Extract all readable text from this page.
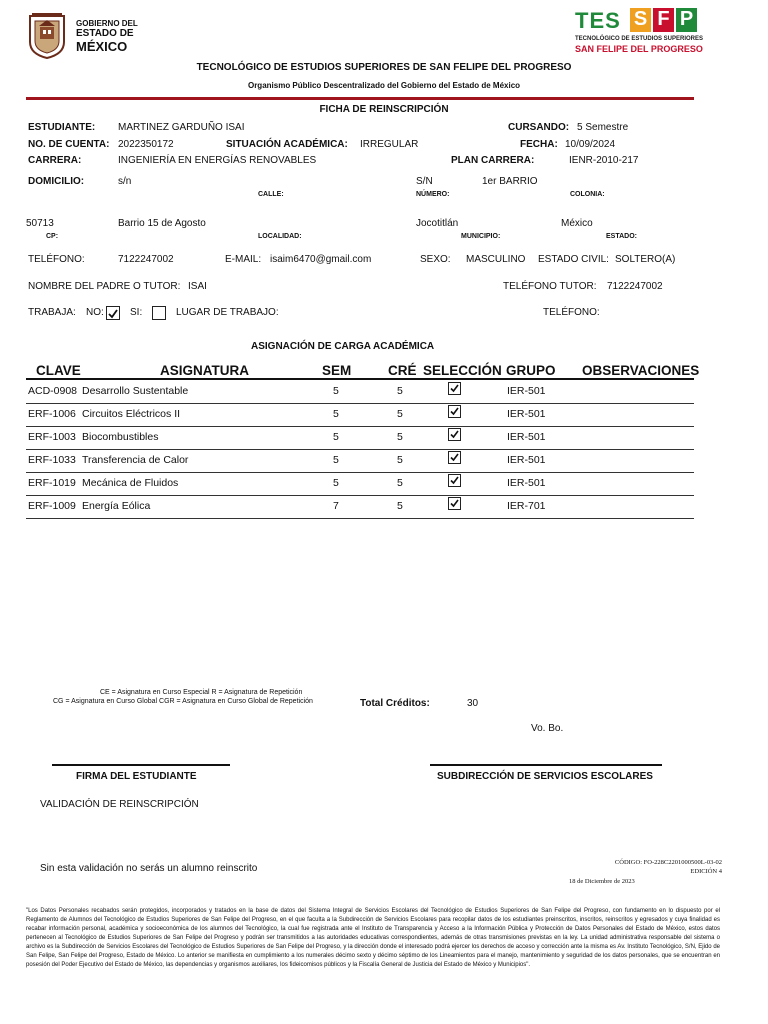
GOBIERNO DEL
ESTADO DE
MÉXICO
TES S F P
TECNOLÓGICO DE ESTUDIOS SUPERIORES
SAN FELIPE DEL PROGRESO
TECNOLÓGICO DE ESTUDIOS SUPERIORES DE SAN FELIPE DEL PROGRESO
Organismo Público Descentralizado del Gobierno del Estado de México
FICHA DE REINSCRIPCIÓN
ESTUDIANTE: MARTINEZ GARDUÑO ISAI	CURSANDO: 5 Semestre
NO. DE CUENTA: 2022350172	SITUACIÓN ACADÉMICA: IRREGULAR	FECHA: 10/09/2024
CARRERA:	INGENIERÍA EN ENERGÍAS RENOVABLES	PLAN CARRERA:	IENR-2010-217
DOMICILIO:	s/n	S/N	1er BARRIO
CALLE:	NÚMERO:	COLONIA:
50713	Barrio 15 de Agosto	Jocotitlán	México
CP:	LOCALIDAD:	MUNICIPIO:	ESTADO:
TELÉFONO:	7122247002	E-MAIL: isaim6470@gmail.com	SEXO: MASCULINO ESTADO CIVIL: SOLTERO(A)
NOMBRE DEL PADRE O TUTOR: ISAI	TELÉFONO TUTOR: 7122247002
TRABAJA: NO:	SI:	LUGAR DE TRABAJO:	TELÉFONO:
ASIGNACIÓN DE CARGA ACADÉMICA
CLAVE	ASIGNATURA	SEM	CRÉ SELECCIÓN GRUPO OBSERVACIONES
ACD-0908 Desarrollo Sustentable	5	5	IER-501
ERF-1006 Circuitos Eléctricos II	5	5	IER-501
ERF-1003 Biocombustibles	5	5	IER-501
ERF-1033 Transferencia de Calor	5	5	IER-501
ERF-1019 Mecánica de Fluidos	5	5	IER-501
ERF-1009 Energía Eólica	7	5	IER-701
CE = Asignatura en Curso Especial R = Asignatura de Repetición
CG = Asignatura en Curso Global CGR = Asignatura en Curso Global de Repetición	Total Créditos:	30
Vo. Bo.
FIRMA DEL ESTUDIANTE	SUBDIRECCIÓN DE SERVICIOS ESCOLARES
VALIDACIÓN DE REINSCRIPCIÓN
Sin esta validación no serás un alumno reinscrito
CÓDIGO: FO-228C2201000500L-03-02
EDICIÓN 4
18 de Diciembre de 2023
"Los Datos Personales recabados serán protegidos, incorporados y tratados en la base de datos del Sistema Integral de Servicios Escolares del Tecnológico de Estudios Superiores de San Felipe del Progreso, con fundamento en lo dispuesto por el Reglamento de Alumnos del Tecnológico de Estudios Superiores de San Felipe del Progreso, en el que faculta a la Subdirección de Servicios Escolares para recopilar datos de los estudiantes preinscritos, inscritos, reinscritos y egresados y cuya finalidad es recabar información personal, académica y socioeconómica de los alumnos del Tecnológico, la cual fue registrada ante el Instituto de Transparencia y Acceso a la Información Pública y Protección de Datos Personales del Estado de México, estos datos pertenecen al Tecnológico de Estudios Superiores de San Felipe del Progreso y podrán ser transmitidos a las autoridades educativas correspondientes, además de otras transmisiones previstas en la ley. La unidad administrativa responsable del sistema o archivo es la Subdirección de Servicios Escolares del Tecnológico de Estudios Superiores de San Felipe del Progreso, y la dirección donde el interesado podrá ejercer los derechos de acceso y corrección ante la misma es Av. Instituto Tecnológico, S/N, Ejido de San Felipe, San Felipe del Progreso, Estado de México. Lo anterior se manifiesta en cumplimiento a los numerales décimo sexto y décimo séptimo de los Lineamientos para el manejo, mantenimiento y seguridad de los datos personales, que se encuentran en posesión del Poder Ejecutivo del Estado de México, las dependencias y organismos auxiliares, los fideicomisos públicos y la Fiscalía General de Justicia del Estado de México y Municipios".
